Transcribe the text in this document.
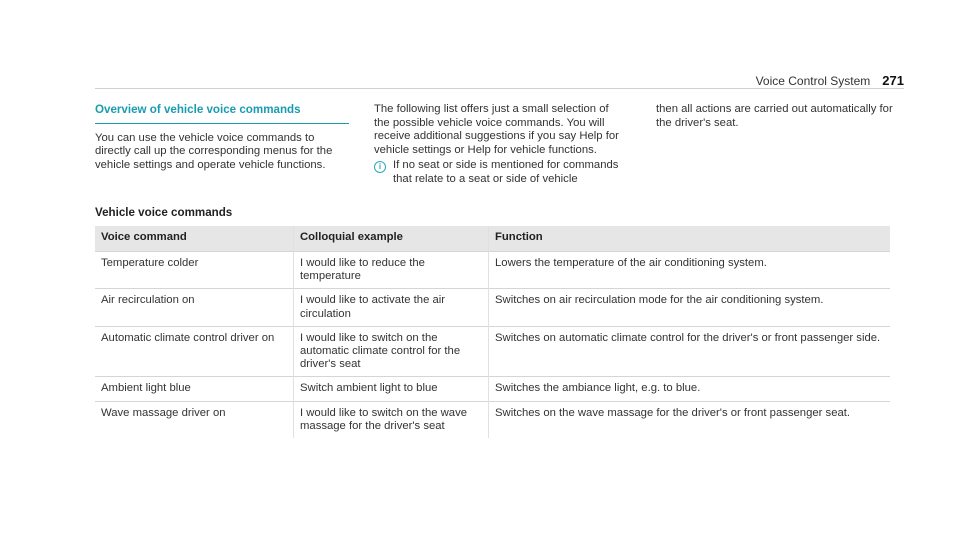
Voice Control System 271
Overview of vehicle voice commands

You can use the vehicle voice commands to directly call up the corresponding menus for the vehicle settings and operate vehicle functions.

The following list offers just a small selection of the possible vehicle voice commands. You will receive additional suggestions if you say Help for vehicle settings or Help for vehicle functions.

i	If no seat or side is mentioned for commands that relate to a seat or side of vehicle

then all actions are carried out automatically for the driver's seat.

Vehicle voice commands
Voice command	Colloquial example	Function
Temperature colder	I would like to reduce the temperature	Lowers the temperature of the air conditioning system.
Air recirculation on	I would like to activate the air circulation	Switches on air recirculation mode for the air conditioning system.
Automatic climate control driver on	I would like to switch on the automatic climate control for the driver's seat	Switches on automatic climate control for the driver's or front passenger side.
Ambient light blue	Switch ambient light to blue	Switches the ambiance light, e.g. to blue.
Wave massage driver on	I would like to switch on the wave massage for the driver's seat	Switches on the wave massage for the driver's or front passenger seat.
